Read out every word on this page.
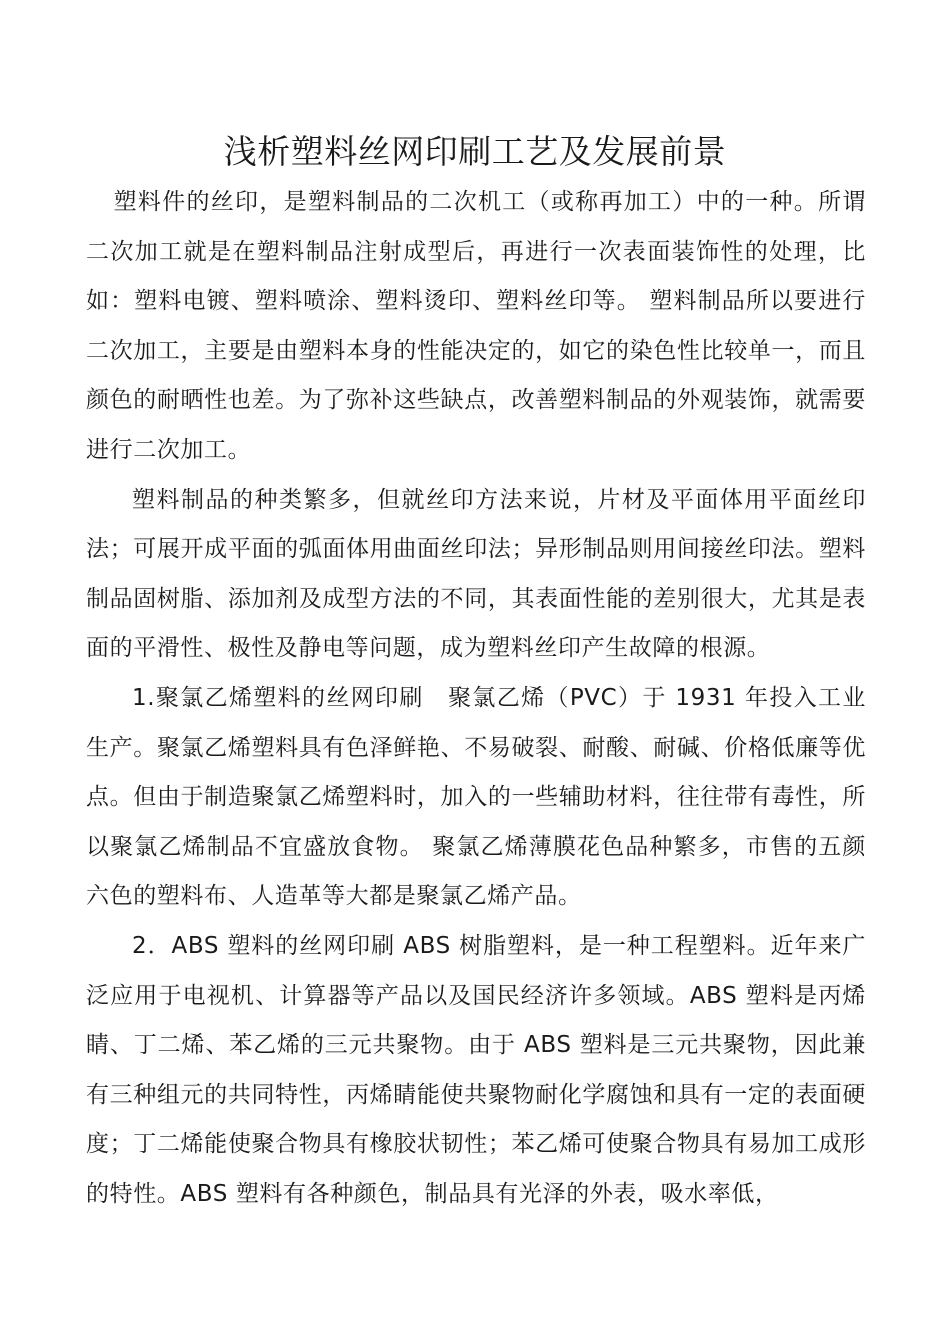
浅析塑料丝网印刷工艺及发展前景

塑料件的丝印，是塑料制品的二次机工（或称再加工）中的一种。所谓二次加工就是在塑料制品注射成型后，再进行一次表面装饰性的处理，比如：塑料电镀、塑料喷涂、塑料烫印、塑料丝印等。 塑料制品所以要进行二次加工，主要是由塑料本身的性能决定的，如它的染色性比较单一，而且颜色的耐晒性也差。为了弥补这些缺点，改善塑料制品的外观装饰，就需要进行二次加工。

塑料制品的种类繁多，但就丝印方法来说，片材及平面体用平面丝印法；可展开成平面的弧面体用曲面丝印法；异形制品则用间接丝印法。塑料制品固树脂、添加剂及成型方法的不同，其表面性能的差别很大，尤其是表面的平滑性、极性及静电等问题，成为塑料丝印产生故障的根源。

1.聚氯乙烯塑料的丝网印刷　聚氯乙烯（PVC）于 1931 年投入工业生产。聚氯乙烯塑料具有色泽鲜艳、不易破裂、耐酸、耐碱、价格低廉等优点。但由于制造聚氯乙烯塑料时，加入的一些辅助材料，往往带有毒性，所以聚氯乙烯制品不宜盛放食物。 聚氯乙烯薄膜花色品种繁多，市售的五颜六色的塑料布、人造革等大都是聚氯乙烯产品。

2．ABS 塑料的丝网印刷 ABS 树脂塑料，是一种工程塑料。近年来广泛应用于电视机、计算器等产品以及国民经济许多领域。ABS 塑料是丙烯睛、丁二烯、苯乙烯的三元共聚物。由于 ABS 塑料是三元共聚物，因此兼有三种组元的共同特性，丙烯睛能使共聚物耐化学腐蚀和具有一定的表面硬度；丁二烯能使聚合物具有橡胶状韧性；苯乙烯可使聚合物具有易加工成形的特性。ABS 塑料有各种颜色，制品具有光泽的外表，吸水率低，
